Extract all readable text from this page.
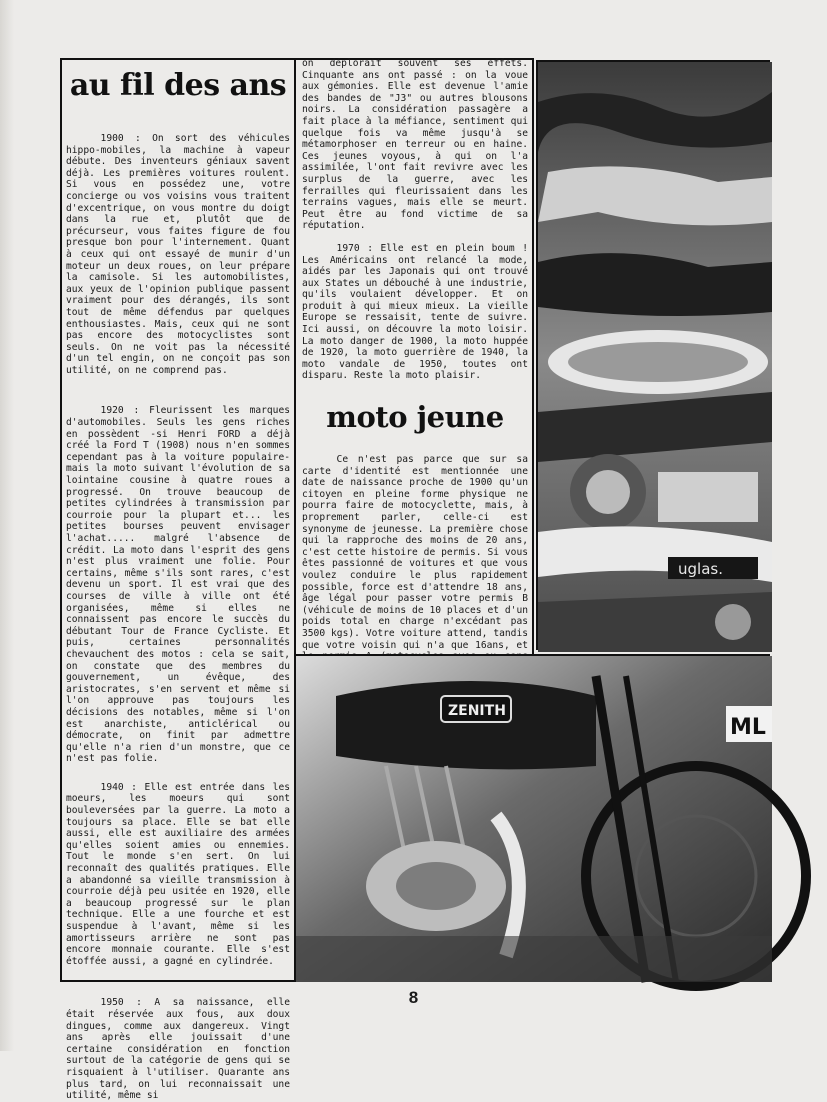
au fil des ans

1900 : On sort des véhicules hippo-mobiles, la machine à vapeur débute. Des inventeurs géniaux savent déjà. Les premières voitures roulent. Si vous en possédez une, votre concierge ou vos voisins vous traitent d'excentrique, on vous montre du doigt dans la rue et, plutôt que de précurseur, vous faites figure de fou presque bon pour l'internement. Quant à ceux qui ont essayé de munir d'un moteur un deux roues, on leur prépare la camisole. Si les automobilistes, aux yeux de l'opinion publique passent vraiment pour des dérangés, ils sont tout de même défendus par quelques enthousiastes. Mais, ceux qui ne sont pas encore des motocyclistes sont seuls. On ne voit pas la nécessité d'un tel engin, on ne conçoit pas son utilité, on ne comprend pas.

1920 : Fleurissent les marques d'automobiles. Seuls les gens riches en possèdent -si Henri FORD a déjà créé la Ford T (1908) nous n'en sommes cependant pas à la voiture populaire- mais la moto suivant l'évolution de sa lointaine cousine à quatre roues a progressé. On trouve beaucoup de petites cylindrées à transmission par courroie pour la plupart et... les petites bourses peuvent envisager l'achat..... malgré l'absence de crédit. La moto dans l'esprit des gens n'est plus vraiment une folie. Pour certains, même s'ils sont rares, c'est devenu un sport. Il est vrai que des courses de ville à ville ont été organisées, même si elles ne connaissent pas encore le succès du débutant Tour de France Cycliste. Et puis, certaines personnalités chevauchent des motos : cela se sait, on constate que des membres du gouvernement, un évêque, des aristocrates, s'en servent et même si l'on approuve pas toujours les décisions des notables, même si l'on est anarchiste, anticlérical ou démocrate, on finit par admettre qu'elle n'a rien d'un monstre, que ce n'est pas folie.

1940 : Elle est entrée dans les moeurs, les moeurs qui sont bouleversées par la guerre. La moto a toujours sa place. Elle se bat elle aussi, elle est auxiliaire des armées qu'elles soient amies ou ennemies. Tout le monde s'en sert. On lui reconnaît des qualités pratiques. Elle a abandonné sa vieille transmission à courroie déjà peu usitée en 1920, elle a beaucoup progressé sur le plan technique. Elle a une fourche et est suspendue à l'avant, même si les amortisseurs arrière ne sont pas encore monnaie courante. Elle s'est étoffée aussi, a gagné en cylindrée.

1950 : A sa naissance, elle était réservée aux fous, aux doux dingues, comme aux dangereux. Vingt ans après elle jouissait d'une certaine considération en fonction surtout de la catégorie de gens qui se risquaient à l'utiliser. Quarante ans plus tard, on lui reconnaissait une utilité, même si

on déplorait souvent ses effets. Cinquante ans ont passé : on la voue aux gémonies. Elle est devenue l'amie des bandes de "J3" ou autres blousons noirs. La considération passagère a fait place à la méfiance, sentiment qui quelque fois va même jusqu'à se métamorphoser en terreur ou en haine. Ces jeunes voyous, à qui on l'a assimilée, l'ont fait revivre avec les surplus de la guerre, avec les ferrailles qui fleurissaient dans les terrains vagues, mais elle se meurt. Peut être au fond victime de sa réputation.

1970 : Elle est en plein boum ! Les Américains ont relancé la mode, aidés par les Japonais qui ont trouvé aux States un débouché à une industrie, qu'ils voulaient développer. Et on produit à qui mieux mieux. La vieille Europe se ressaisit, tente de suivre. Ici aussi, on découvre la moto loisir. La moto danger de 1900, la moto huppée de 1920, la moto guerrière de 1940, la moto vandale de 1950, toutes ont disparu. Reste la moto plaisir.

moto jeune

Ce n'est pas parce que sur sa carte d'identité est mentionnée une date de naissance proche de 1900 qu'un citoyen en pleine forme physique ne pourra faire de motocyclette, mais, à proprement parler, celle-ci est synonyme de jeunesse. La première chose qui la rapproche des moins de 20 ans, c'est cette histoire de permis. Si vous êtes passionné de voitures et que vous voulez conduire le plus rapidement possible, force est d'attendre 18 ans, âge légal pour passer votre permis B (véhicule de moins de 10 places et d'un poids total en charge n'excédant pas 3500 kgs). Votre voiture attend, tandis que votre voisin qui n'a que 16ans, et

uglas.
ZENITH
ML
8
